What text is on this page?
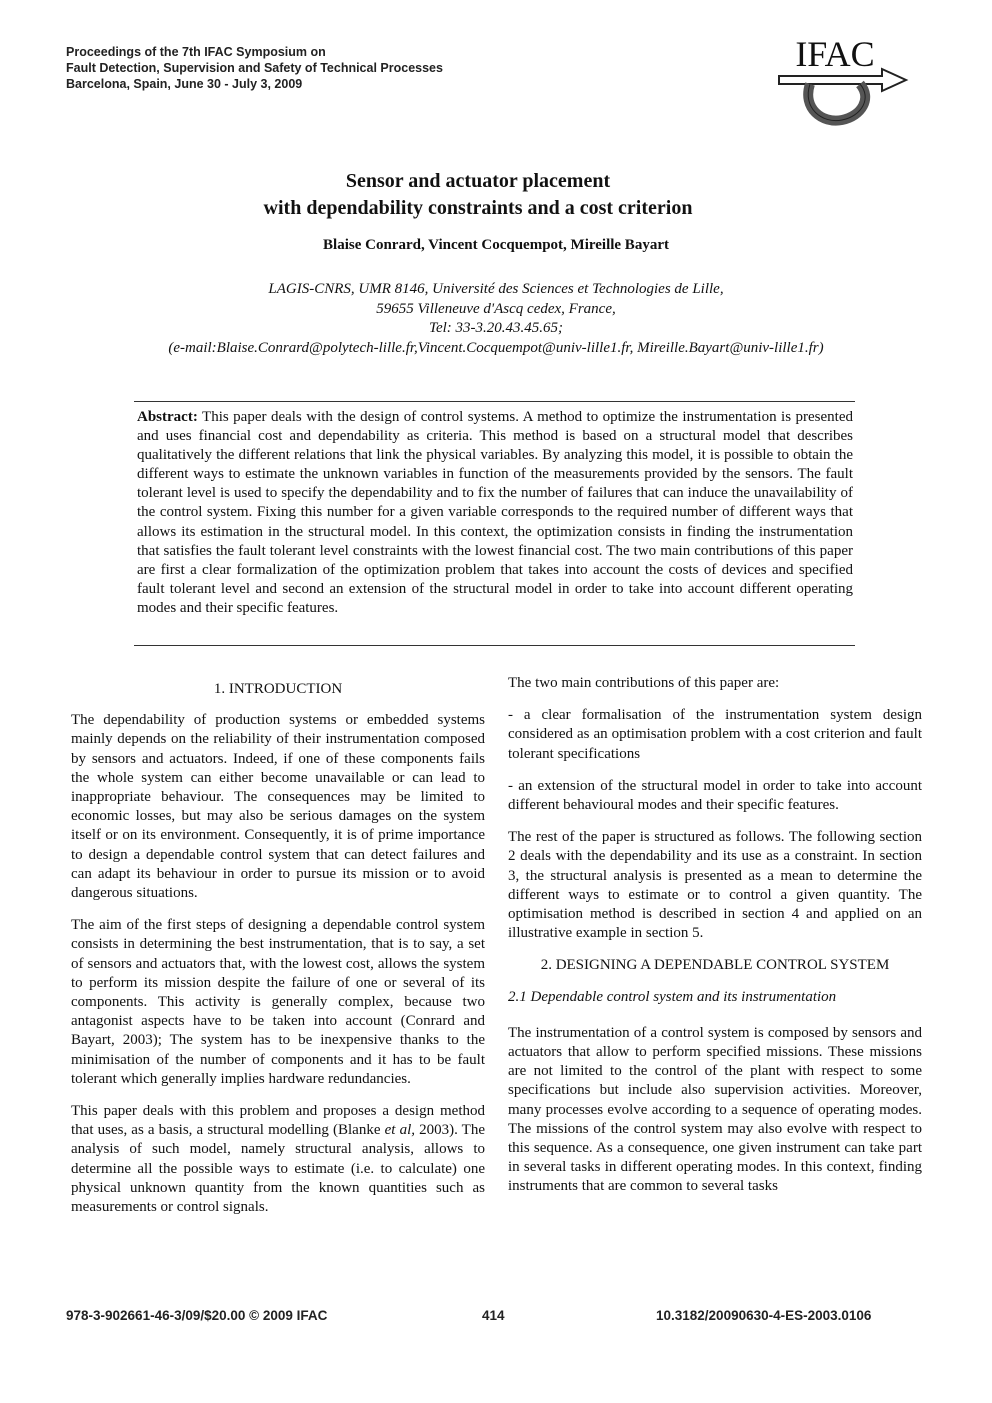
Proceedings of the 7th IFAC Symposium on
Fault Detection, Supervision and Safety of Technical Processes
Barcelona, Spain, June 30 - July 3, 2009
IFAC
Sensor and actuator placement
with dependability constraints and a cost criterion
Blaise Conrard, Vincent Cocquempot, Mireille Bayart
LAGIS-CNRS, UMR 8146, Université des Sciences et Technologies de Lille,
59655 Villeneuve d'Ascq cedex, France,
Tel: 33-3.20.43.45.65;
(e-mail:Blaise.Conrard@polytech-lille.fr,Vincent.Cocquempot@univ-lille1.fr, Mireille.Bayart@univ-lille1.fr)
Abstract: This paper deals with the design of control systems. A method to optimize the instrumentation is presented and uses financial cost and dependability as criteria. This method is based on a structural model that describes qualitatively the different relations that link the physical variables. By analyzing this model, it is possible to obtain the different ways to estimate the unknown variables in function of the measurements provided by the sensors. The fault tolerant level is used to specify the dependability and to fix the number of failures that can induce the unavailability of the control system. Fixing this number for a given variable corresponds to the required number of different ways that allows its estimation in the structural model. In this context, the optimization consists in finding the instrumentation that satisfies the fault tolerant level constraints with the lowest financial cost. The two main contributions of this paper are first a clear formalization of the optimization problem that takes into account the costs of devices and specified fault tolerant level and second an extension of the structural model in order to take into account different operating modes and their specific features.
1. INTRODUCTION

The dependability of production systems or embedded systems mainly depends on the reliability of their instrumentation composed by sensors and actuators. Indeed, if one of these components fails the whole system can either become unavailable or can lead to inappropriate behaviour. The consequences may be limited to economic losses, but may also be serious damages on the system itself or on its environment. Consequently, it is of prime importance to design a dependable control system that can detect failures and can adapt its behaviour in order to pursue its mission or to avoid dangerous situations.

The aim of the first steps of designing a dependable control system consists in determining the best instrumentation, that is to say, a set of sensors and actuators that, with the lowest cost, allows the system to perform its mission despite the failure of one or several of its components. This activity is generally complex, because two antagonist aspects have to be taken into account (Conrard and Bayart, 2003); The system has to be inexpensive thanks to the minimisation of the number of components and it has to be fault tolerant which generally implies hardware redundancies.

This paper deals with this problem and proposes a design method that uses, as a basis, a structural modelling (Blanke et al, 2003). The analysis of such model, namely structural analysis, allows to determine all the possible ways to estimate (i.e. to calculate) one physical unknown quantity from the known quantities such as measurements or control signals.

The two main contributions of this paper are:

- a clear formalisation of the instrumentation system design considered as an optimisation problem with a cost criterion and fault tolerant specifications

- an extension of the structural model in order to take into account different behavioural modes and their specific features.

The rest of the paper is structured as follows. The following section 2 deals with the dependability and its use as a constraint. In section 3, the structural analysis is presented as a mean to determine the different ways to estimate or to control a given quantity. The optimisation method is described in section 4 and applied on an illustrative example in section 5.

2. DESIGNING A DEPENDABLE CONTROL SYSTEM
2.1 Dependable control system and its instrumentation

The instrumentation of a control system is composed by sensors and actuators that allow to perform specified missions. These missions are not limited to the control of the plant with respect to some specifications but include also supervision activities. Moreover, many processes evolve according to a sequence of operating modes. The missions of the control system may also evolve with respect to this sequence. As a consequence, one given instrument can take part in several tasks in different operating modes. In this context, finding instruments that are common to several tasks

978-3-902661-46-3/09/$20.00 © 2009 IFAC	414	10.3182/20090630-4-ES-2003.0106
